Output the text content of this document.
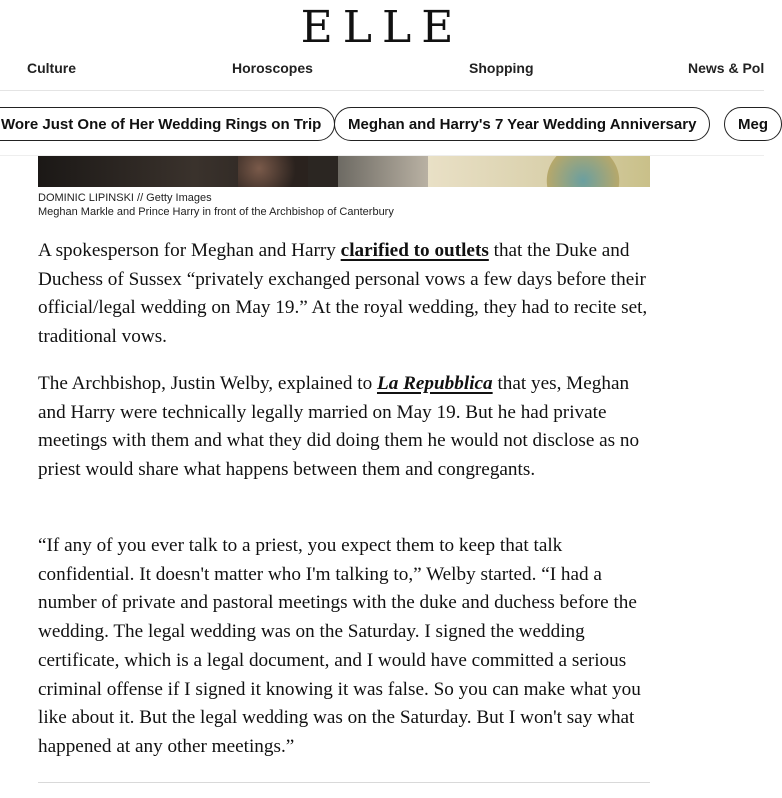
ELLE
Culture	Horoscopes	Shopping	News & Pol
Wore Just One of Her Wedding Rings on Trip	Meghan and Harry's 7 Year Wedding Anniversary	Meg
DOMINIC LIPINSKI // Getty Images
Meghan Markle and Prince Harry in front of the Archbishop of Canterbury

A spokesperson for Meghan and Harry clarified to outlets that the Duke and Duchess of Sussex “privately exchanged personal vows a few days before their official/legal wedding on May 19.” At the royal wedding, they had to recite set, traditional vows.

The Archbishop, Justin Welby, explained to La Repubblica that yes, Meghan and Harry were technically legally married on May 19. But he had private meetings with them and what they did doing them he would not disclose as no priest would share what happens between them and congregants.

“If any of you ever talk to a priest, you expect them to keep that talk confidential. It doesn't matter who I'm talking to,” Welby started. “I had a number of private and pastoral meetings with the duke and duchess before the wedding. The legal wedding was on the Saturday. I signed the wedding certificate, which is a legal document, and I would have committed a serious criminal offense if I signed it knowing it was false. So you can make what you like about it. But the legal wedding was on the Saturday. But I won't say what happened at any other meetings.”
